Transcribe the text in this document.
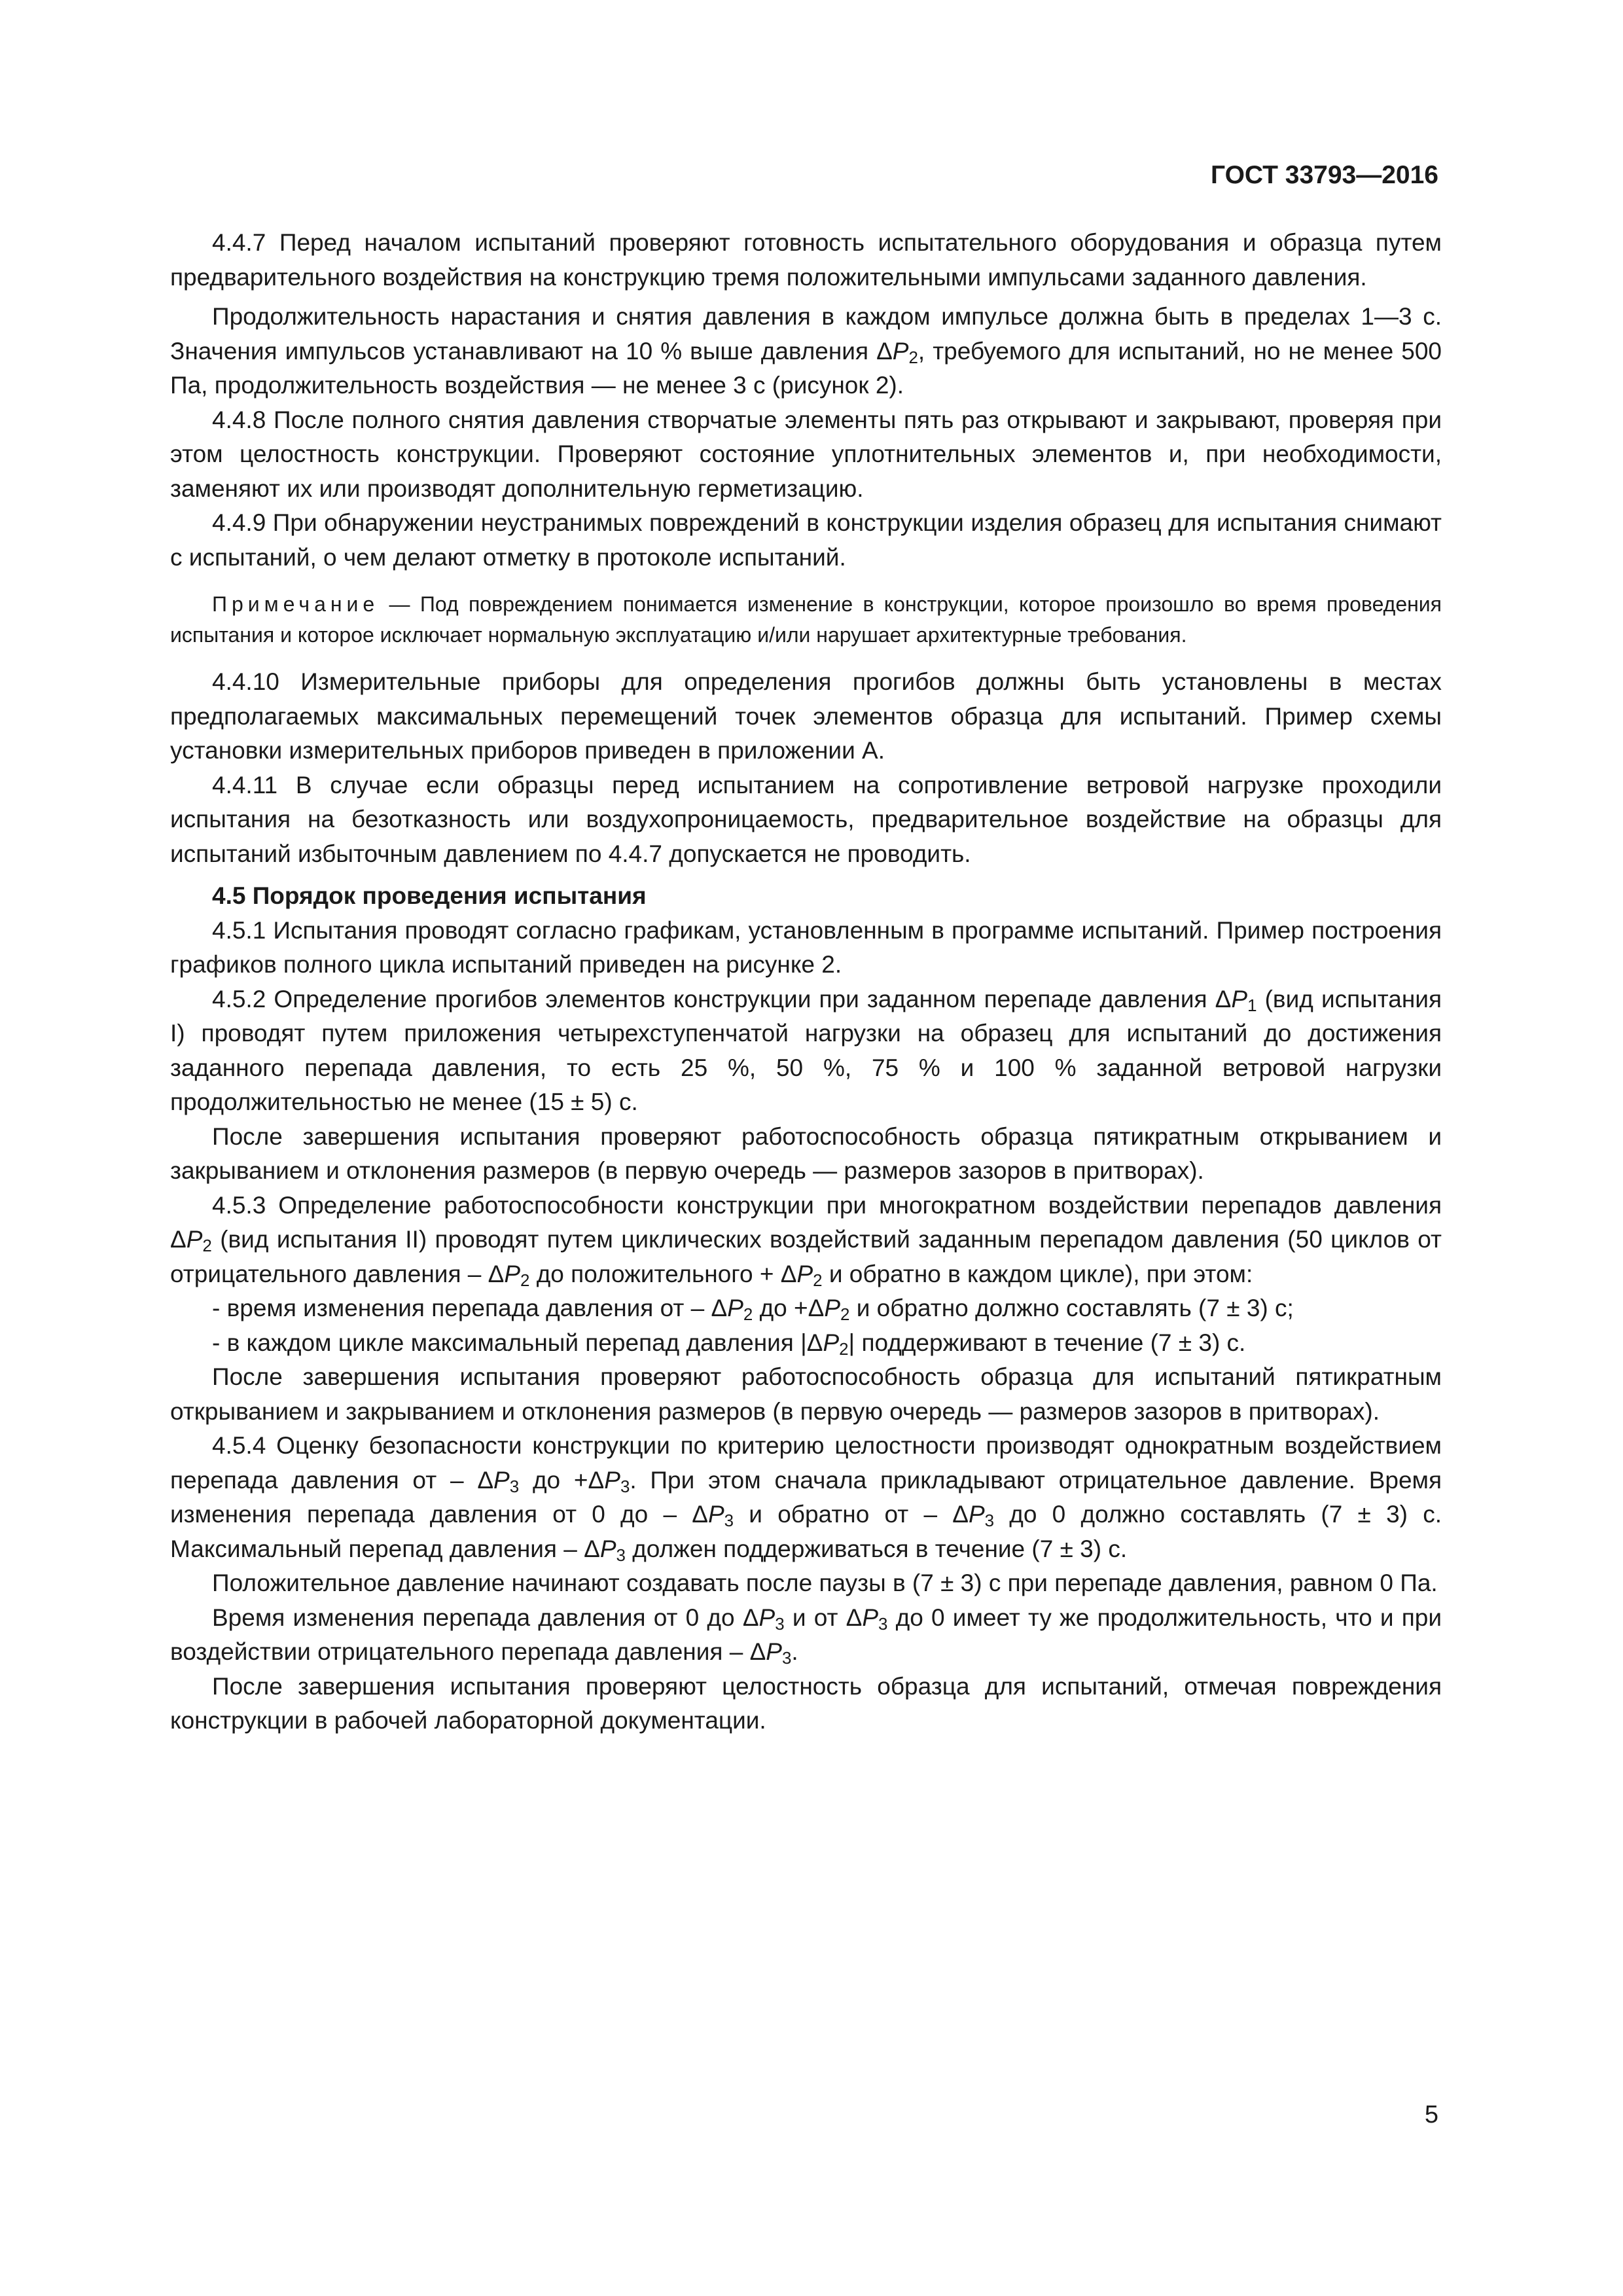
ГОСТ 33793—2016

4.4.7 Перед началом испытаний проверяют готовность испытательного оборудования и образца путем предварительного воздействия на конструкцию тремя положительными импульсами заданного давления.

Продолжительность нарастания и снятия давления в каждом импульсе должна быть в пределах 1—3 с. Значения импульсов устанавливают на 10 % выше давления $\Delta P_2$, требуемого для испытаний, но не менее 500 Па, продолжительность воздействия — не менее 3 с (рисунок 2).

4.4.8 После полного снятия давления створчатые элементы пять раз открывают и закрывают, проверяя при этом целостность конструкции. Проверяют состояние уплотнительных элементов и, при необходимости, заменяют их или производят дополнительную герметизацию.

4.4.9 При обнаружении неустранимых повреждений в конструкции изделия образец для испытания снимают с испытаний, о чем делают отметку в протоколе испытаний.

Примечание — Под повреждением понимается изменение в конструкции, которое произошло во время проведения испытания и которое исключает нормальную эксплуатацию и/или нарушает архитектурные требования.

4.4.10 Измерительные приборы для определения прогибов должны быть установлены в местах предполагаемых максимальных перемещений точек элементов образца для испытаний. Пример схемы установки измерительных приборов приведен в приложении А.

4.4.11 В случае если образцы перед испытанием на сопротивление ветровой нагрузке проходили испытания на безотказность или воздухопроницаемость, предварительное воздействие на образцы для испытаний избыточным давлением по 4.4.7 допускается не проводить.

4.5 Порядок проведения испытания

4.5.1 Испытания проводят согласно графикам, установленным в программе испытаний. Пример построения графиков полного цикла испытаний приведен на рисунке 2.

4.5.2 Определение прогибов элементов конструкции при заданном перепаде давления $\Delta P_1$ (вид испытания I) проводят путем приложения четырехступенчатой нагрузки на образец для испытаний до достижения заданного перепада давления, то есть 25 %, 50 %, 75 % и 100 % заданной ветровой нагрузки продолжительностью не менее (15 ± 5) с.

После завершения испытания проверяют работоспособность образца пятикратным открыванием и закрыванием и отклонения размеров (в первую очередь — размеров зазоров в притворах).

4.5.3 Определение работоспособности конструкции при многократном воздействии перепадов давления $\Delta P_2$ (вид испытания II) проводят путем циклических воздействий заданным перепадом давления (50 циклов от отрицательного давления – $\Delta P_2$ до положительного + $\Delta P_2$ и обратно в каждом цикле), при этом:

- время изменения перепада давления от – $\Delta P_2$ до $+\Delta P_2$ и обратно должно составлять (7 ± 3) с;

- в каждом цикле максимальный перепад давления $|\Delta P_2|$ поддерживают в течение (7 ± 3) с.

После завершения испытания проверяют работоспособность образца для испытаний пятикратным открыванием и закрыванием и отклонения размеров (в первую очередь — размеров зазоров в притворах).

4.5.4 Оценку безопасности конструкции по критерию целостности производят однократным воздействием перепада давления от – $\Delta P_3$ до $+\Delta P_3$. При этом сначала прикладывают отрицательное давление. Время изменения перепада давления от 0 до – $\Delta P_3$ и обратно от – $\Delta P_3$ до 0 должно составлять (7 ± 3) с. Максимальный перепад давления – $\Delta P_3$ должен поддерживаться в течение (7 ± 3) с.

Положительное давление начинают создавать после паузы в (7 ± 3) с при перепаде давления, равном 0 Па.

Время изменения перепада давления от 0 до $\Delta P_3$ и от $\Delta P_3$ до 0 имеет ту же продолжительность, что и при воздействии отрицательного перепада давления – $\Delta P_3$.

После завершения испытания проверяют целостность образца для испытаний, отмечая повреждения конструкции в рабочей лабораторной документации.

5
